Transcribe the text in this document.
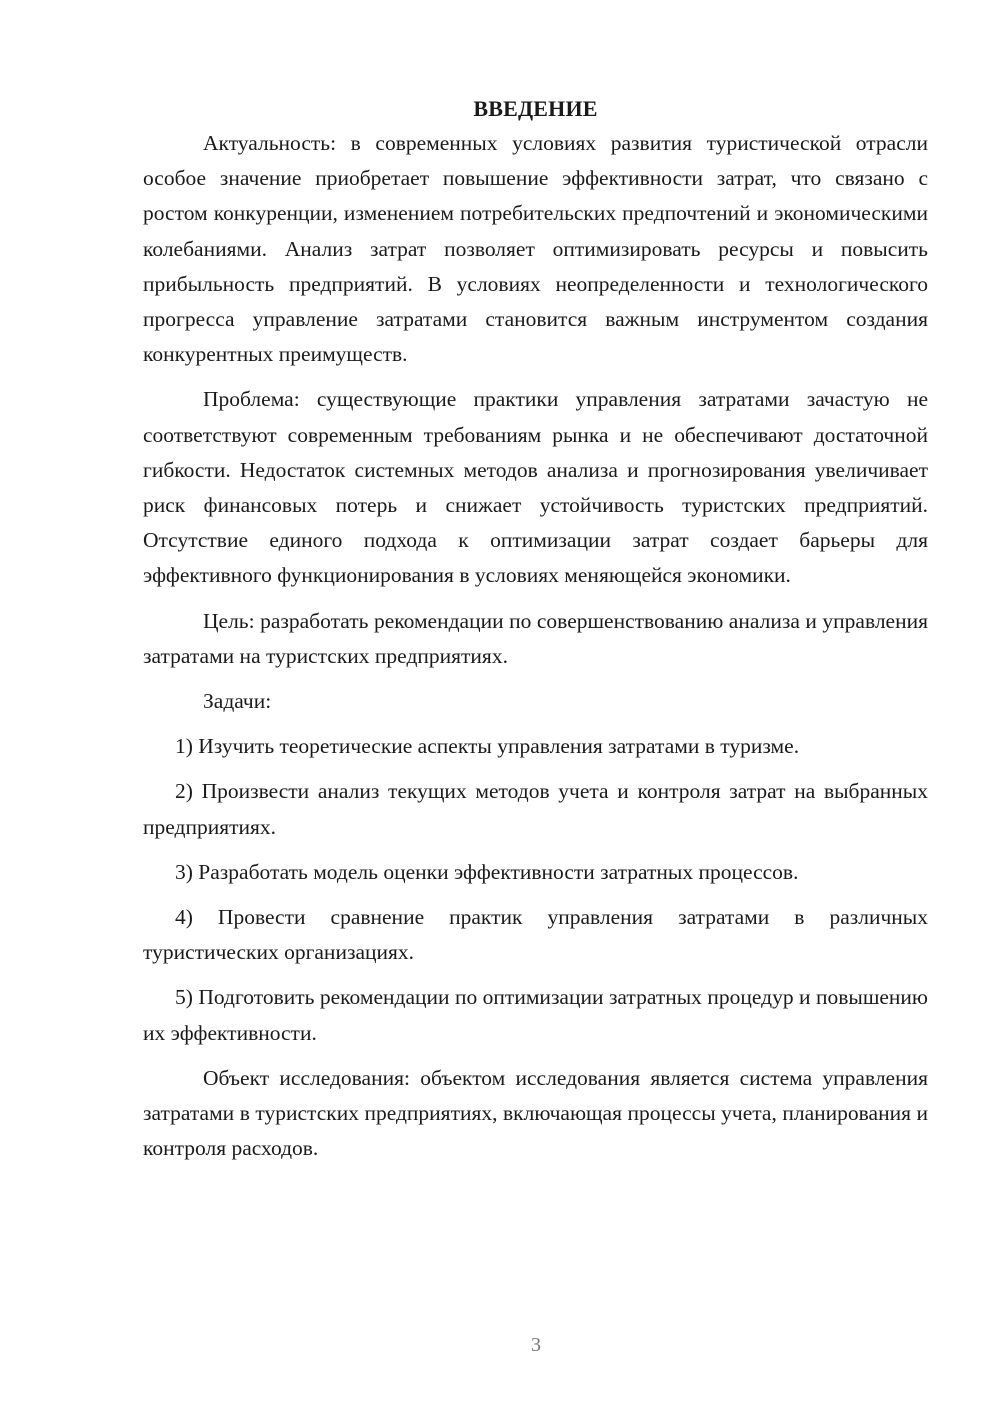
ВВЕДЕНИЕ

Актуальность: в современных условиях развития туристической отрасли особое значение приобретает повышение эффективности затрат, что связано с ростом конкуренции, изменением потребительских предпочтений и экономическими колебаниями. Анализ затрат позволяет оптимизировать ресурсы и повысить прибыльность предприятий. В условиях неопределенности и технологического прогресса управление затратами становится важным инструментом создания конкурентных преимуществ.

Проблема: существующие практики управления затратами зачастую не соответствуют современным требованиям рынка и не обеспечивают достаточной гибкости. Недостаток системных методов анализа и прогнозирования увеличивает риск финансовых потерь и снижает устойчивость туристских предприятий. Отсутствие единого подхода к оптимизации затрат создает барьеры для эффективного функционирования в условиях меняющейся экономики.

Цель: разработать рекомендации по совершенствованию анализа и управления затратами на туристских предприятиях.

Задачи:

1) Изучить теоретические аспекты управления затратами в туризме.

2) Произвести анализ текущих методов учета и контроля затрат на выбранных предприятиях.

3) Разработать модель оценки эффективности затратных процессов.

4) Провести сравнение практик управления затратами в различных туристических организациях.

5) Подготовить рекомендации по оптимизации затратных процедур и повышению их эффективности.

Объект исследования: объектом исследования является система управления затратами в туристских предприятиях, включающая процессы учета, планирования и контроля расходов.

3
